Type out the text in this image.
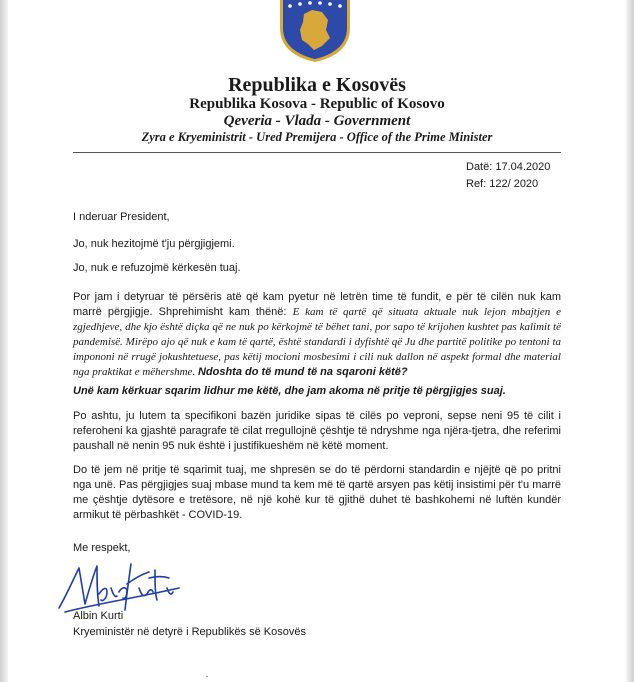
Republika e Kosovës
Republika Kosova - Republic of Kosovo
Qeveria - Vlada - Government
Zyra e Kryeministrit - Ured Premijera - Office of the Prime Minister
Datë: 17.04.2020
Ref: 122/ 2020

I nderuar President,

Jo, nuk hezitojmë t'ju përgjigjemi.

Jo, nuk e refuzojmë kërkesën tuaj.

Por jam i detyruar të përsëris atë që kam pyetur në letrën time të fundit, e për të cilën nuk kam marrë përgjigje. Shprehimisht kam thënë: E kam të qartë që situata aktuale nuk lejon mbajtjen e zgjedhjeve, dhe kjo është diçka që ne nuk po kërkojmë të bëhet tani, por sapo të krijohen kushtet pas kalimit të pandemisë. Mirëpo ajo që nuk e kam të qartë, është standardi i dyfishtë që Ju dhe partitë politike po tentoni ta impononi në rrugë jokushtetuese, pas këtij mocioni mosbesimi i cili nuk dallon në aspekt formal dhe material nga praktikat e mëhershme. Ndoshta do të mund të na sqaroni këtë?

Unë kam kërkuar sqarim lidhur me këtë, dhe jam akoma në pritje të përgjigjes suaj.

Po ashtu, ju lutem ta specifikoni bazën juridike sipas të cilës po veproni, sepse neni 95 të cilit i referoheni ka gjashtë paragrafe të cilat rregullojnë çështje të ndryshme nga njëra-tjetra, dhe referimi paushall në nenin 95 nuk është i justifikueshëm në këtë moment.

Do të jem në pritje të sqarimit tuaj, me shpresën se do të përdorni standardin e njëjtë që po pritni nga unë. Pas përgjigjes suaj mbase mund ta kem më të qartë arsyen pas këtij insistimi për t'u marrë me çështje dytësore e tretësore, në një kohë kur të gjithë duhet të bashkohemi në luftën kundër armikut të përbashkët - COVID-19.

Me respekt,

Albin Kurti

Kryeministër në detyrë i Republikës së Kosovës
